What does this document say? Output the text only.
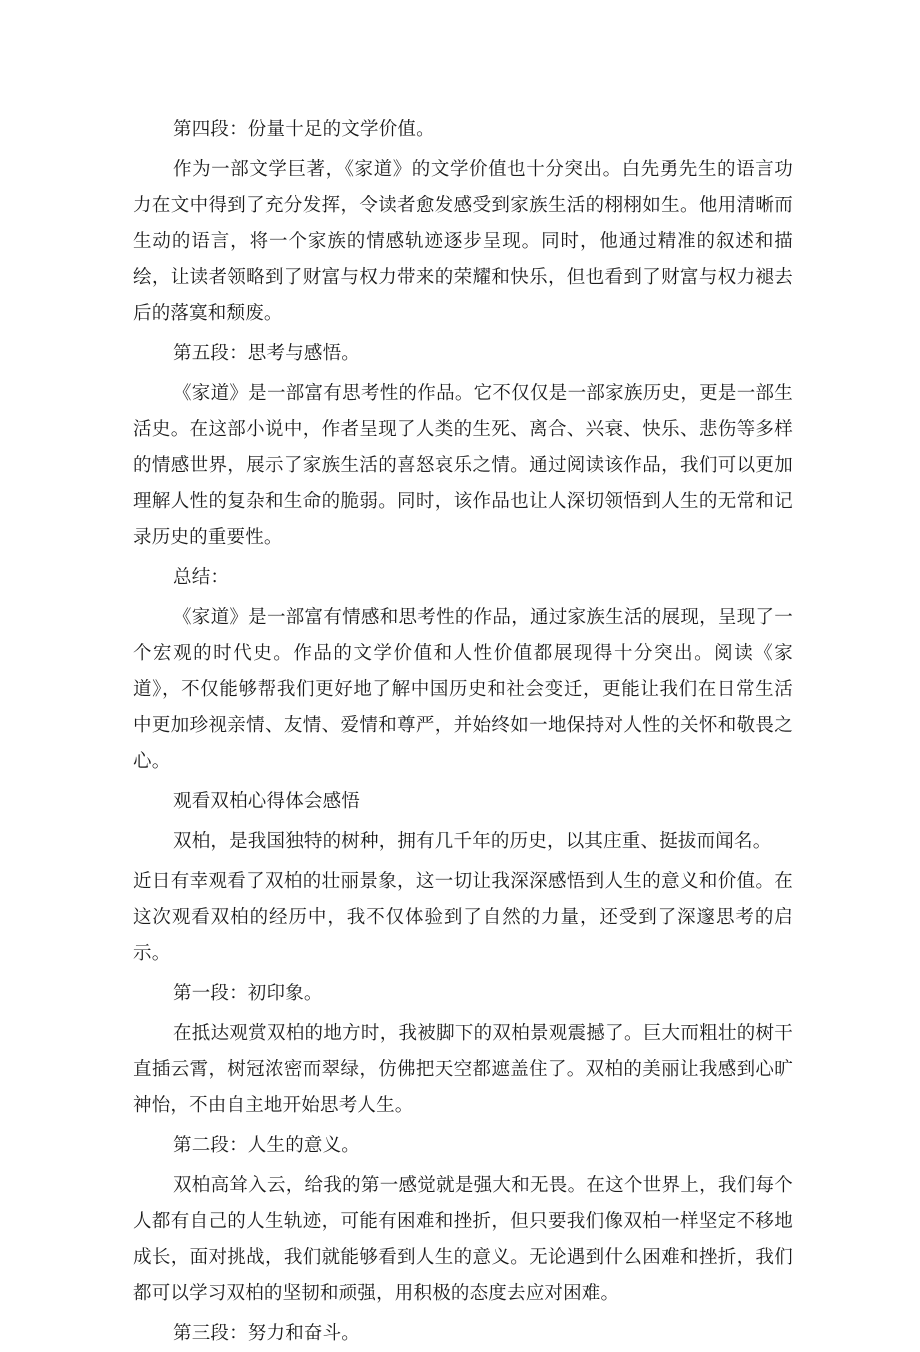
第四段：份量十足的文学价值。

作为一部文学巨著，《家道》的文学价值也十分突出。白先勇先生的语言功力在文中得到了充分发挥，令读者愈发感受到家族生活的栩栩如生。他用清晰而生动的语言，将一个家族的情感轨迹逐步呈现。同时，他通过精准的叙述和描绘，让读者领略到了财富与权力带来的荣耀和快乐，但也看到了财富与权力褪去后的落寞和颓废。

第五段：思考与感悟。

《家道》是一部富有思考性的作品。它不仅仅是一部家族历史，更是一部生活史。在这部小说中，作者呈现了人类的生死、离合、兴衰、快乐、悲伤等多样的情感世界，展示了家族生活的喜怒哀乐之情。通过阅读该作品，我们可以更加理解人性的复杂和生命的脆弱。同时，该作品也让人深切领悟到人生的无常和记录历史的重要性。

总结：

《家道》是一部富有情感和思考性的作品，通过家族生活的展现，呈现了一个宏观的时代史。作品的文学价值和人性价值都展现得十分突出。阅读《家道》，不仅能够帮我们更好地了解中国历史和社会变迁，更能让我们在日常生活中更加珍视亲情、友情、爱情和尊严，并始终如一地保持对人性的关怀和敬畏之心。

观看双柏心得体会感悟

双柏，是我国独特的树种，拥有几千年的历史，以其庄重、挺拔而闻名。

近日有幸观看了双柏的壮丽景象，这一切让我深深感悟到人生的意义和价值。在这次观看双柏的经历中，我不仅体验到了自然的力量，还受到了深邃思考的启示。

第一段：初印象。

在抵达观赏双柏的地方时，我被脚下的双柏景观震撼了。巨大而粗壮的树干直插云霄，树冠浓密而翠绿，仿佛把天空都遮盖住了。双柏的美丽让我感到心旷神怡，不由自主地开始思考人生。

第二段：人生的意义。

双柏高耸入云，给我的第一感觉就是强大和无畏。在这个世界上，我们每个人都有自己的人生轨迹，可能有困难和挫折，但只要我们像双柏一样坚定不移地成长，面对挑战，我们就能够看到人生的意义。无论遇到什么困难和挫折，我们都可以学习双柏的坚韧和顽强，用积极的态度去应对困难。

第三段：努力和奋斗。
